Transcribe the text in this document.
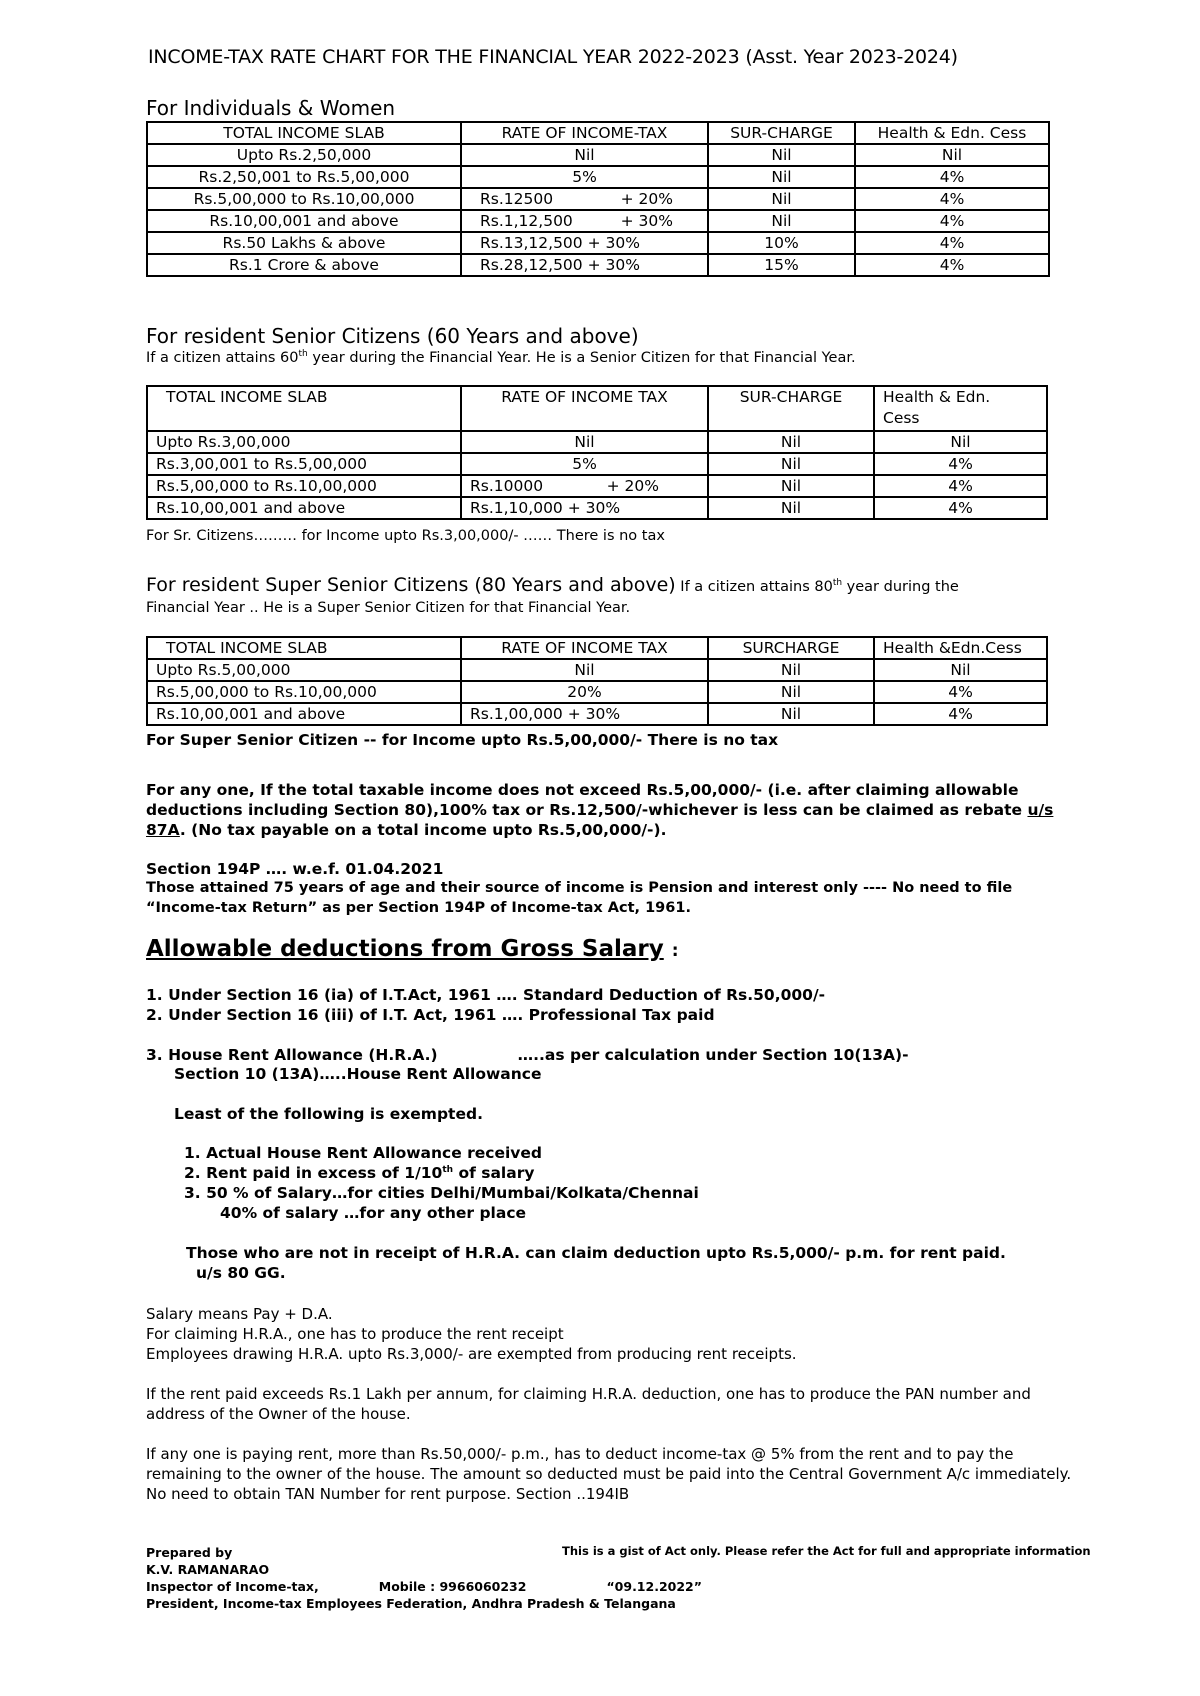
INCOME-TAX RATE CHART FOR THE FINANCIAL YEAR 2022-2023 (Asst. Year 2023-2024)
For Individuals & Women
TOTAL INCOME SLAB	RATE OF INCOME-TAX	SUR-CHARGE	Health & Edn. Cess
Upto Rs.2,50,000	Nil	Nil	Nil
Rs.2,50,001 to Rs.5,00,000	5%	Nil	4%
Rs.5,00,000 to Rs.10,00,000	Rs.12500 + 20%	Nil	4%
Rs.10,00,001 and above	Rs.1,12,500 + 30%	Nil	4%
Rs.50 Lakhs & above	Rs.13,12,500 + 30%	10%	4%
Rs.1 Crore & above	Rs.28,12,500 + 30%	15%	4%
For resident Senior Citizens (60 Years and above)
If a citizen attains 60th year during the Financial Year. He is a Senior Citizen for that Financial Year.
TOTAL INCOME SLAB	RATE OF INCOME TAX	SUR-CHARGE	Health & Edn.
Cess

Upto Rs.3,00,000	Nil	Nil	Nil
Rs.3,00,001 to Rs.5,00,000	5%	Nil	4%
Rs.5,00,000 to Rs.10,00,000	Rs.10000 + 20%	Nil	4%
Rs.10,00,001 and above	Rs.1,10,000 + 30%	Nil	4%
For Sr. Citizens……… for Income upto Rs.3,00,000/- …… There is no tax
For resident Super Senior Citizens (80 Years and above) If a citizen attains 80th year during the
Financial Year .. He is a Super Senior Citizen for that Financial Year.
TOTAL INCOME SLAB	RATE OF INCOME TAX	SURCHARGE	Health &Edn.Cess
Upto Rs.5,00,000	Nil	Nil	Nil
Rs.5,00,000 to Rs.10,00,000	20%	Nil	4%
Rs.10,00,001 and above	Rs.1,00,000 + 30%	Nil	4%
For Super Senior Citizen -- for Income upto Rs.5,00,000/- There is no tax
For any one, If the total taxable income does not exceed Rs.5,00,000/- (i.e. after claiming allowable deductions including Section 80),100% tax or Rs.12,500/-whichever is less can be claimed as rebate u/s 87A. (No tax payable on a total income upto Rs.5,00,000/-).
Section 194P …. w.e.f. 01.04.2021
Those attained 75 years of age and their source of income is Pension and interest only ---- No need to file “Income-tax Return” as per Section 194P of Income-tax Act, 1961.
Allowable deductions from Gross Salary :
1. Under Section 16 (ia) of I.T.Act, 1961 …. Standard Deduction of Rs.50,000/-
2. Under Section 16 (iii) of I.T. Act, 1961 …. Professional Tax paid
3. House Rent Allowance (H.R.A.)	…..as per calculation under Section 10(13A)-
Section 10 (13A)…..House Rent Allowance
Least of the following is exempted.
1. Actual House Rent Allowance received
2. Rent paid in excess of 1/10th of salary
3. 50 % of Salary…for cities Delhi/Mumbai/Kolkata/Chennai
40% of salary …for any other place
Those who are not in receipt of H.R.A. can claim deduction upto Rs.5,000/- p.m. for rent paid.
u/s 80 GG.
Salary means Pay + D.A.
For claiming H.R.A., one has to produce the rent receipt
Employees drawing H.R.A. upto Rs.3,000/- are exempted from producing rent receipts.
If the rent paid exceeds Rs.1 Lakh per annum, for claiming H.R.A. deduction, one has to produce the PAN number and address of the Owner of the house.
If any one is paying rent, more than Rs.50,000/- p.m., has to deduct income-tax @ 5% from the rent and to pay the remaining to the owner of the house. The amount so deducted must be paid into the Central Government A/c immediately. No need to obtain TAN Number for rent purpose. Section ..194IB
Prepared by
K.V. RAMANARAO
Inspector of Income-tax,	Mobile : 9966060232	“09.12.2022”
President, Income-tax Employees Federation, Andhra Pradesh & Telangana
This is a gist of Act only. Please refer the Act for full and appropriate information
